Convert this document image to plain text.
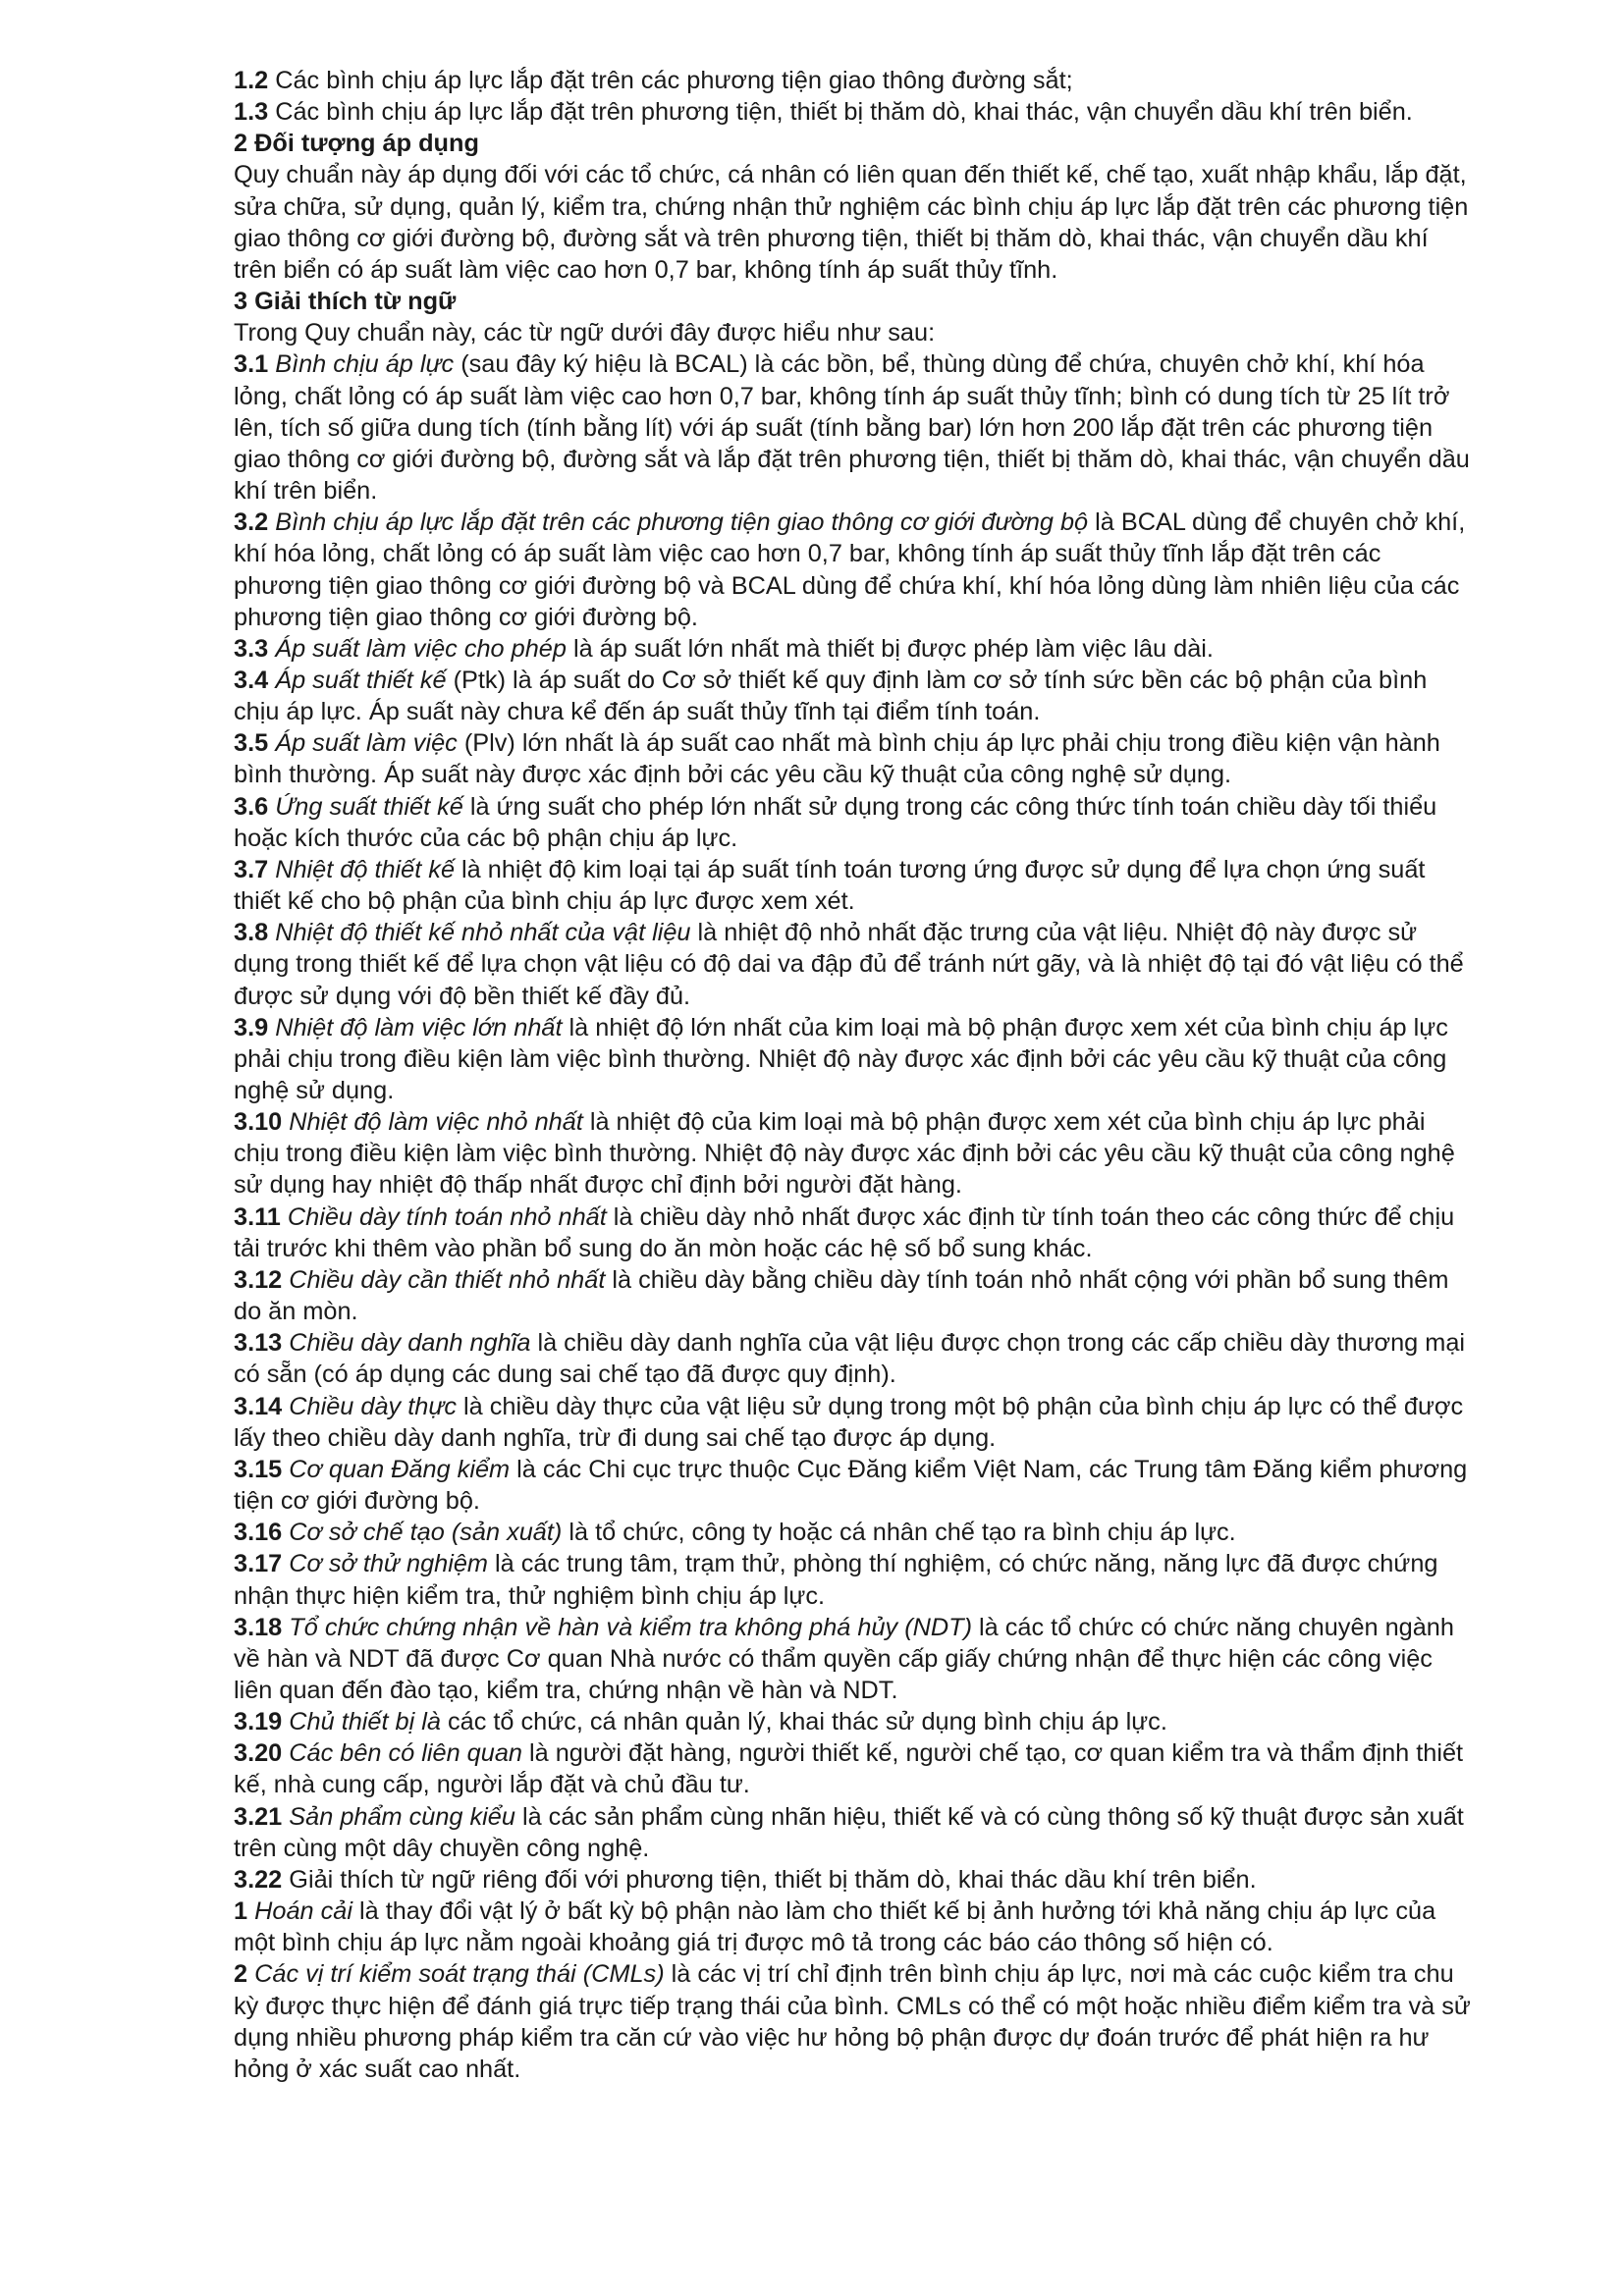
1.2 Các bình chịu áp lực lắp đặt trên các phương tiện giao thông đường sắt;

1.3 Các bình chịu áp lực lắp đặt trên phương tiện, thiết bị thăm dò, khai thác, vận chuyển dầu khí trên biển.

2 Đối tượng áp dụng

Quy chuẩn này áp dụng đối với các tổ chức, cá nhân có liên quan đến thiết kế, chế tạo, xuất nhập khẩu, lắp đặt, sửa chữa, sử dụng, quản lý, kiểm tra, chứng nhận thử nghiệm các bình chịu áp lực lắp đặt trên các phương tiện giao thông cơ giới đường bộ, đường sắt và trên phương tiện, thiết bị thăm dò, khai thác, vận chuyển dầu khí trên biển có áp suất làm việc cao hơn 0,7 bar, không tính áp suất thủy tĩnh.

3 Giải thích từ ngữ

Trong Quy chuẩn này, các từ ngữ dưới đây được hiểu như sau:

3.1 Bình chịu áp lực (sau đây ký hiệu là BCAL) là các bồn, bể, thùng dùng để chứa, chuyên chở khí, khí hóa lỏng, chất lỏng có áp suất làm việc cao hơn 0,7 bar, không tính áp suất thủy tĩnh; bình có dung tích từ 25 lít trở lên, tích số giữa dung tích (tính bằng lít) với áp suất (tính bằng bar) lớn hơn 200 lắp đặt trên các phương tiện giao thông cơ giới đường bộ, đường sắt và lắp đặt trên phương tiện, thiết bị thăm dò, khai thác, vận chuyển dầu khí trên biển.

3.2 Bình chịu áp lực lắp đặt trên các phương tiện giao thông cơ giới đường bộ là BCAL dùng để chuyên chở khí, khí hóa lỏng, chất lỏng có áp suất làm việc cao hơn 0,7 bar, không tính áp suất thủy tĩnh lắp đặt trên các phương tiện giao thông cơ giới đường bộ và BCAL dùng để chứa khí, khí hóa lỏng dùng làm nhiên liệu của các phương tiện giao thông cơ giới đường bộ.

3.3 Áp suất làm việc cho phép là áp suất lớn nhất mà thiết bị được phép làm việc lâu dài.

3.4 Áp suất thiết kế (Ptk) là áp suất do Cơ sở thiết kế quy định làm cơ sở tính sức bền các bộ phận của bình chịu áp lực. Áp suất này chưa kể đến áp suất thủy tĩnh tại điểm tính toán.

3.5 Áp suất làm việc (Plv) lớn nhất là áp suất cao nhất mà bình chịu áp lực phải chịu trong điều kiện vận hành bình thường. Áp suất này được xác định bởi các yêu cầu kỹ thuật của công nghệ sử dụng.

3.6 Ứng suất thiết kế là ứng suất cho phép lớn nhất sử dụng trong các công thức tính toán chiều dày tối thiểu hoặc kích thước của các bộ phận chịu áp lực.

3.7 Nhiệt độ thiết kế là nhiệt độ kim loại tại áp suất tính toán tương ứng được sử dụng để lựa chọn ứng suất thiết kế cho bộ phận của bình chịu áp lực được xem xét.

3.8 Nhiệt độ thiết kế nhỏ nhất của vật liệu là nhiệt độ nhỏ nhất đặc trưng của vật liệu. Nhiệt độ này được sử dụng trong thiết kế để lựa chọn vật liệu có độ dai va đập đủ để tránh nứt gãy, và là nhiệt độ tại đó vật liệu có thể được sử dụng với độ bền thiết kế đầy đủ.

3.9 Nhiệt độ làm việc lớn nhất là nhiệt độ lớn nhất của kim loại mà bộ phận được xem xét của bình chịu áp lực phải chịu trong điều kiện làm việc bình thường. Nhiệt độ này được xác định bởi các yêu cầu kỹ thuật của công nghệ sử dụng.

3.10 Nhiệt độ làm việc nhỏ nhất là nhiệt độ của kim loại mà bộ phận được xem xét của bình chịu áp lực phải chịu trong điều kiện làm việc bình thường. Nhiệt độ này được xác định bởi các yêu cầu kỹ thuật của công nghệ sử dụng hay nhiệt độ thấp nhất được chỉ định bởi người đặt hàng.

3.11 Chiều dày tính toán nhỏ nhất là chiều dày nhỏ nhất được xác định từ tính toán theo các công thức để chịu tải trước khi thêm vào phần bổ sung do ăn mòn hoặc các hệ số bổ sung khác.

3.12 Chiều dày cần thiết nhỏ nhất là chiều dày bằng chiều dày tính toán nhỏ nhất cộng với phần bổ sung thêm do ăn mòn.

3.13 Chiều dày danh nghĩa là chiều dày danh nghĩa của vật liệu được chọn trong các cấp chiều dày thương mại có sẵn (có áp dụng các dung sai chế tạo đã được quy định).

3.14 Chiều dày thực là chiều dày thực của vật liệu sử dụng trong một bộ phận của bình chịu áp lực có thể được lấy theo chiều dày danh nghĩa, trừ đi dung sai chế tạo được áp dụng.

3.15 Cơ quan Đăng kiểm là các Chi cục trực thuộc Cục Đăng kiểm Việt Nam, các Trung tâm Đăng kiểm phương tiện cơ giới đường bộ.

3.16 Cơ sở chế tạo (sản xuất) là tổ chức, công ty hoặc cá nhân chế tạo ra bình chịu áp lực.

3.17 Cơ sở thử nghiệm là các trung tâm, trạm thử, phòng thí nghiệm, có chức năng, năng lực đã được chứng nhận thực hiện kiểm tra, thử nghiệm bình chịu áp lực.

3.18 Tổ chức chứng nhận về hàn và kiểm tra không phá hủy (NDT) là các tổ chức có chức năng chuyên ngành về hàn và NDT đã được Cơ quan Nhà nước có thẩm quyền cấp giấy chứng nhận để thực hiện các công việc liên quan đến đào tạo, kiểm tra, chứng nhận về hàn và NDT.

3.19 Chủ thiết bị là các tổ chức, cá nhân quản lý, khai thác sử dụng bình chịu áp lực.

3.20 Các bên có liên quan là người đặt hàng, người thiết kế, người chế tạo, cơ quan kiểm tra và thẩm định thiết kế, nhà cung cấp, người lắp đặt và chủ đầu tư.

3.21 Sản phẩm cùng kiểu là các sản phẩm cùng nhãn hiệu, thiết kế và có cùng thông số kỹ thuật được sản xuất trên cùng một dây chuyền công nghệ.

3.22 Giải thích từ ngữ riêng đối với phương tiện, thiết bị thăm dò, khai thác dầu khí trên biển.

1 Hoán cải là thay đổi vật lý ở bất kỳ bộ phận nào làm cho thiết kế bị ảnh hưởng tới khả năng chịu áp lực của một bình chịu áp lực nằm ngoài khoảng giá trị được mô tả trong các báo cáo thông số hiện có.

2 Các vị trí kiểm soát trạng thái (CMLs) là các vị trí chỉ định trên bình chịu áp lực, nơi mà các cuộc kiểm tra chu kỳ được thực hiện để đánh giá trực tiếp trạng thái của bình. CMLs có thể có một hoặc nhiều điểm kiểm tra và sử dụng nhiều phương pháp kiểm tra căn cứ vào việc hư hỏng bộ phận được dự đoán trước để phát hiện ra hư hỏng ở xác suất cao nhất.
